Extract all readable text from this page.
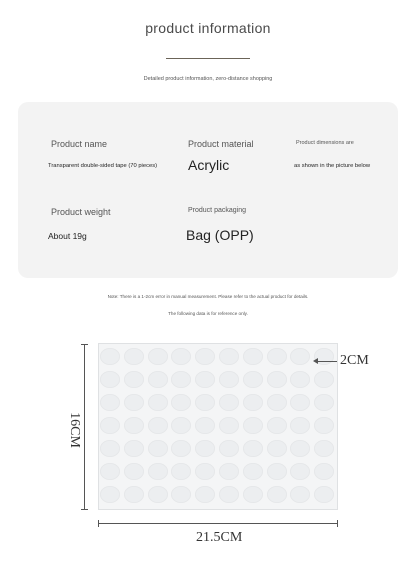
product information
Detailed product information, zero-distance shopping
Product name
Transparent double-sided tape (70 pieces)
Product material
Acrylic
Product dimensions are
as shown in the picture below
Product weight
About 19g
Product packaging
Bag (OPP)
Note: There is a 1-2cm error in manual measurement. Please refer to the actual product for details.
The following data is for reference only.
16CM
21.5CM
2CM
